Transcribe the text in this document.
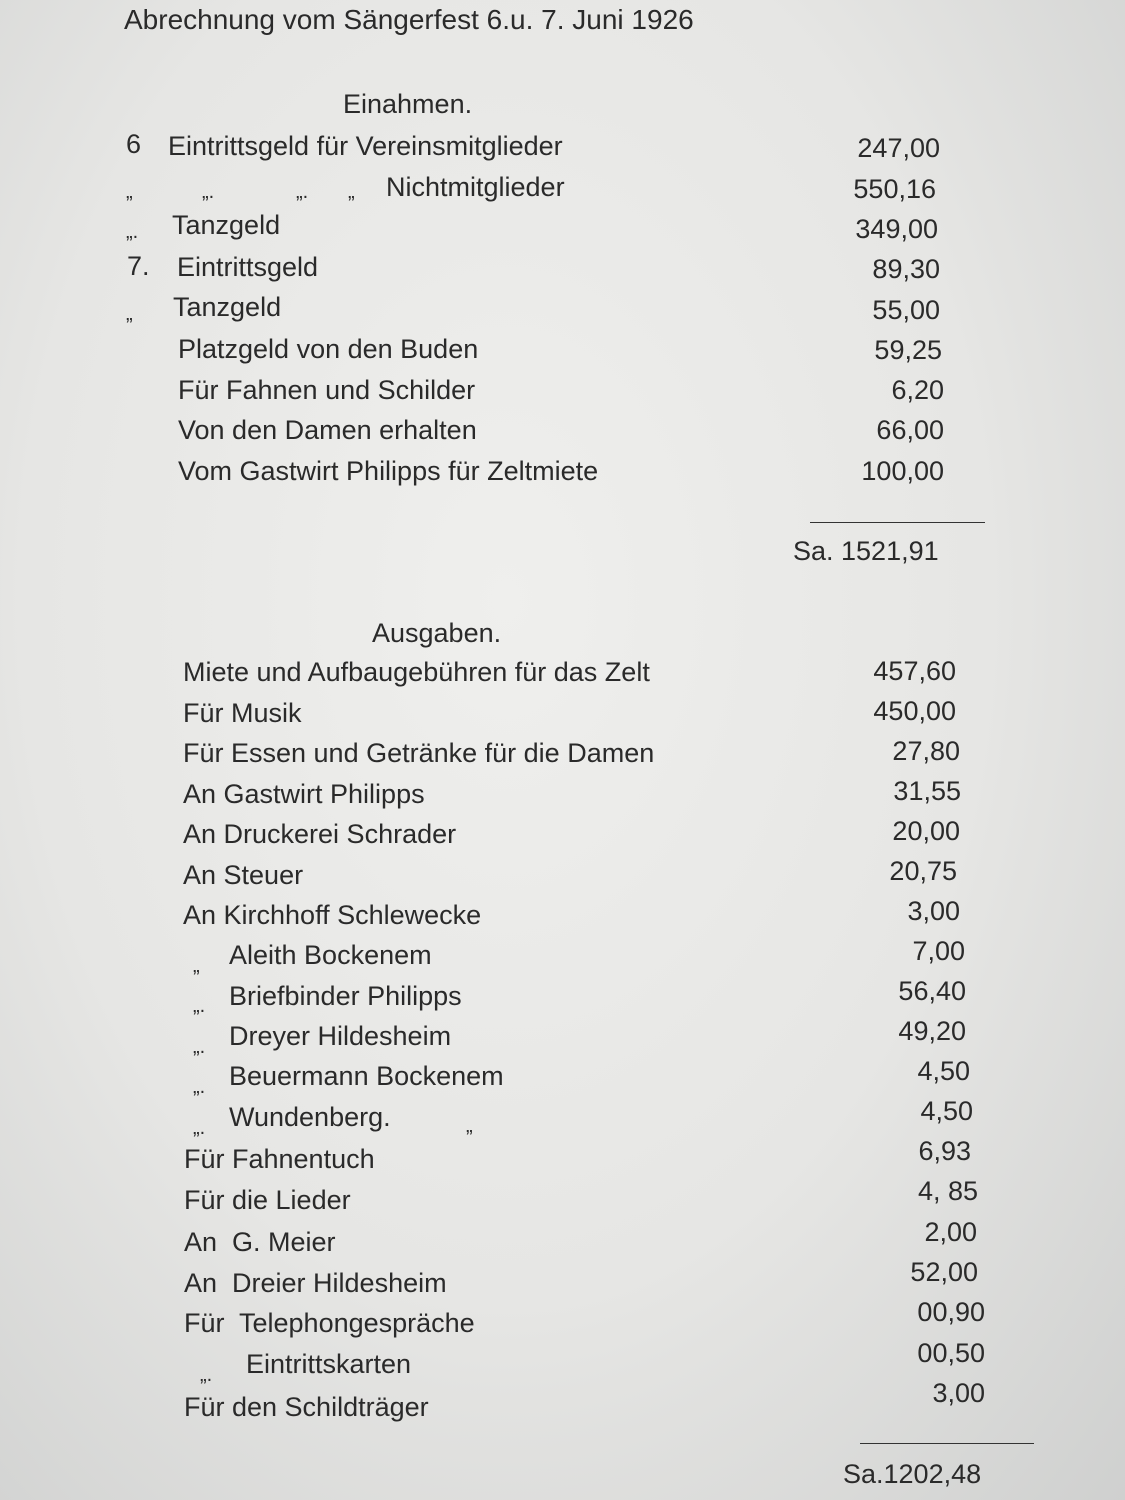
Abrechnung vom Sängerfest 6.u. 7. Juni 1926
Einahmen.
6 Eintrittsgeld für Vereinsmitglieder	247,00
„	„.	„. „ Nichtmitglieder	550,16
„. Tanzgeld	349,00
7. Eintrittsgeld	89,30
„ Tanzgeld	55,00
Platzgeld von den Buden	59,25
Für Fahnen und Schilder	6,20
Von den Damen erhalten	66,00
Vom Gastwirt Philipps für Zeltmiete	100,00
Sa. 1521,91
Ausgaben.
Miete und Aufbaugebühren für das Zelt	457,60
Für Musik	450,00
Für Essen und Getränke für die Damen	27,80
An Gastwirt Philipps	31,55
An Druckerei Schrader	20,00
An Steuer	20,75
An Kirchhoff Schlewecke	3,00
„ Aleith Bockenem	7,00
„. Briefbinder Philipps	56,40
„. Dreyer Hildesheim	49,20
„. Beuermann Bockenem	4,50
„. Wundenberg.	„	4,50
Für Fahnentuch	6,93
Für die Lieder	4, 85
An  G. Meier	2,00
An  Dreier Hildesheim	52,00
Für  Telephongespräche	00,90
„. Eintrittskarten	00,50
Für den Schildträger	3,00
Sa.1202,48
